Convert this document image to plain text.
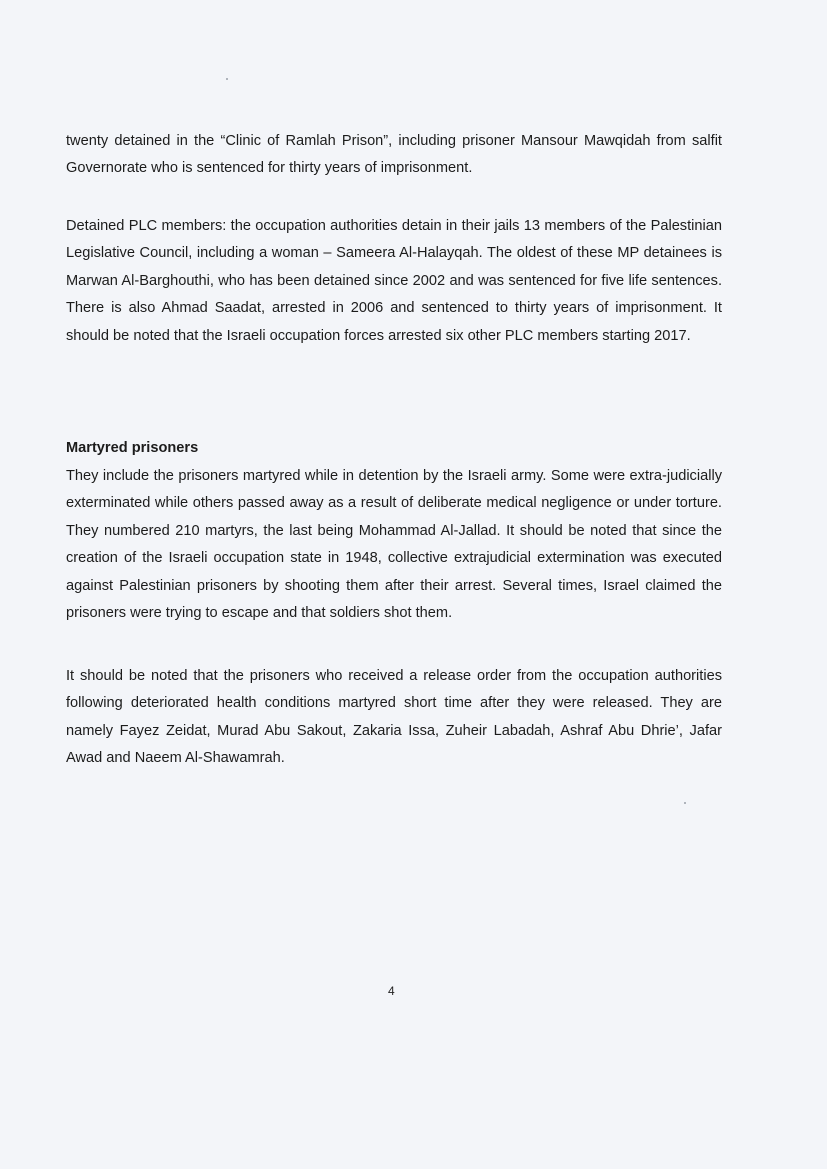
twenty detained in the “Clinic of Ramlah Prison”, including prisoner Mansour Mawqidah from salfit Governorate who is sentenced for thirty years of imprisonment.

Detained PLC members: the occupation authorities detain in their jails 13 members of the Palestinian Legislative Council, including a woman – Sameera Al-Halayqah. The oldest of these MP detainees is Marwan Al-Barghouthi, who has been detained since 2002 and was sentenced for five life sentences. There is also Ahmad Saadat, arrested in 2006 and sentenced to thirty years of imprisonment. It should be noted that the Israeli occupation forces arrested six other PLC members starting 2017.

Martyred prisoners

They include the prisoners martyred while in detention by the Israeli army. Some were extra-judicially exterminated while others passed away as a result of deliberate medical negligence or under torture. They numbered 210 martyrs, the last being Mohammad Al-Jallad. It should be noted that since the creation of the Israeli occupation state in 1948, collective extrajudicial extermination was executed against Palestinian prisoners by shooting them after their arrest. Several times, Israel claimed the prisoners were trying to escape and that soldiers shot them.

It should be noted that the prisoners who received a release order from the occupation authorities following deteriorated health conditions martyred short time after they were released. They are namely Fayez Zeidat, Murad Abu Sakout, Zakaria Issa, Zuheir Labadah, Ashraf Abu Dhrie’, Jafar Awad and Naeem Al-Shawamrah.

4
